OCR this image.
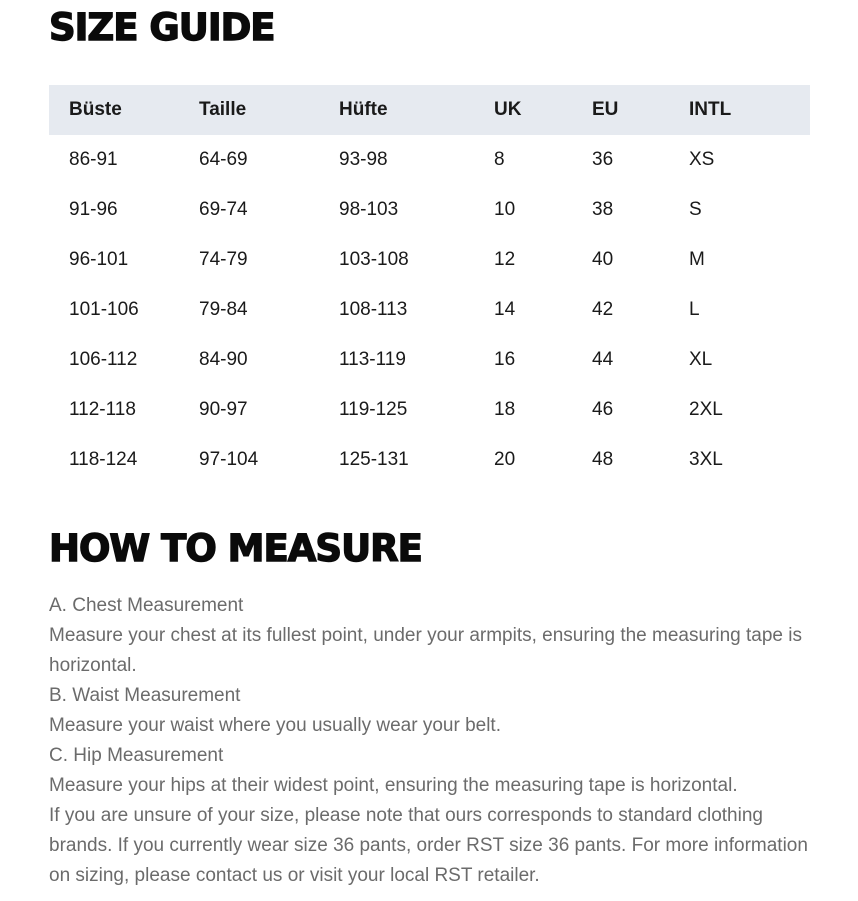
SIZE GUIDE
Büste	Taille	Hüfte	UK	EU	INTL
86-91	64-69	93-98	8	36	XS
91-96	69-74	98-103	10	38	S
96-101	74-79	103-108	12	40	M
101-106	79-84	108-113	14	42	L
106-112	84-90	113-119	16	44	XL
112-118	90-97	119-125	18	46	2XL
118-124	97-104	125-131	20	48	3XL
HOW TO MEASURE

A. Chest Measurement

Measure your chest at its fullest point, under your armpits, ensuring the measuring tape is horizontal.

B. Waist Measurement

Measure your waist where you usually wear your belt.

C. Hip Measurement

Measure your hips at their widest point, ensuring the measuring tape is horizontal.

If you are unsure of your size, please note that ours corresponds to standard clothing brands. If you currently wear size 36 pants, order RST size 36 pants. For more information on sizing, please contact us or visit your local RST retailer.
